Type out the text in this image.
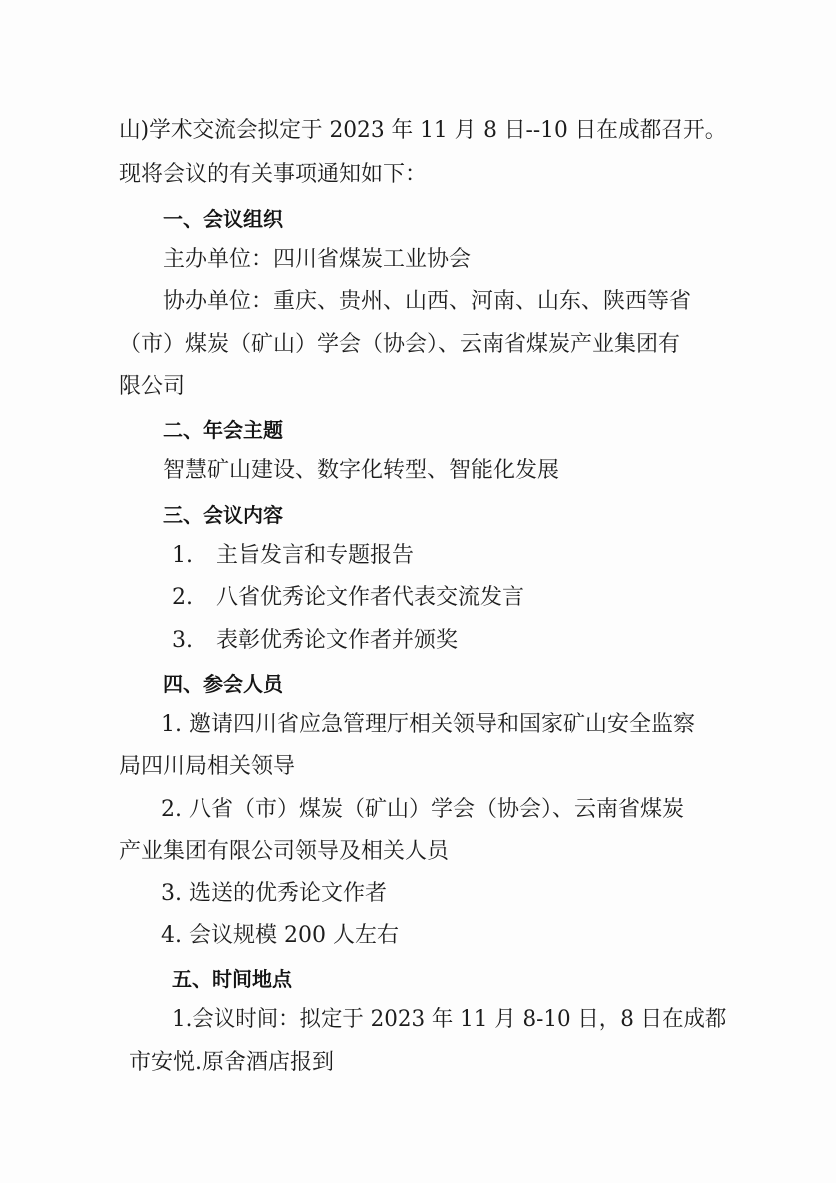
山)学术交流会拟定于 2023 年 11 月 8 日--10 日在成都召开。
现将会议的有关事项通知如下：
一、会议组织
主办单位：四川省煤炭工业协会
协办单位：重庆、贵州、山西、河南、山东、陕西等省
（市）煤炭（矿山）学会（协会）、云南省煤炭产业集团有
限公司
二、年会主题
智慧矿山建设、数字化转型、智能化发展
三、会议内容
1. 主旨发言和专题报告
2. 八省优秀论文作者代表交流发言
3. 表彰优秀论文作者并颁奖
四、参会人员
1. 邀请四川省应急管理厅相关领导和国家矿山安全监察
局四川局相关领导
2. 八省（市）煤炭（矿山）学会（协会）、云南省煤炭
产业集团有限公司领导及相关人员
3. 选送的优秀论文作者
4. 会议规模 200 人左右
五、时间地点
1.会议时间：拟定于 2023 年 11 月 8-10 日，8 日在成都
市安悦.原舍酒店报到
